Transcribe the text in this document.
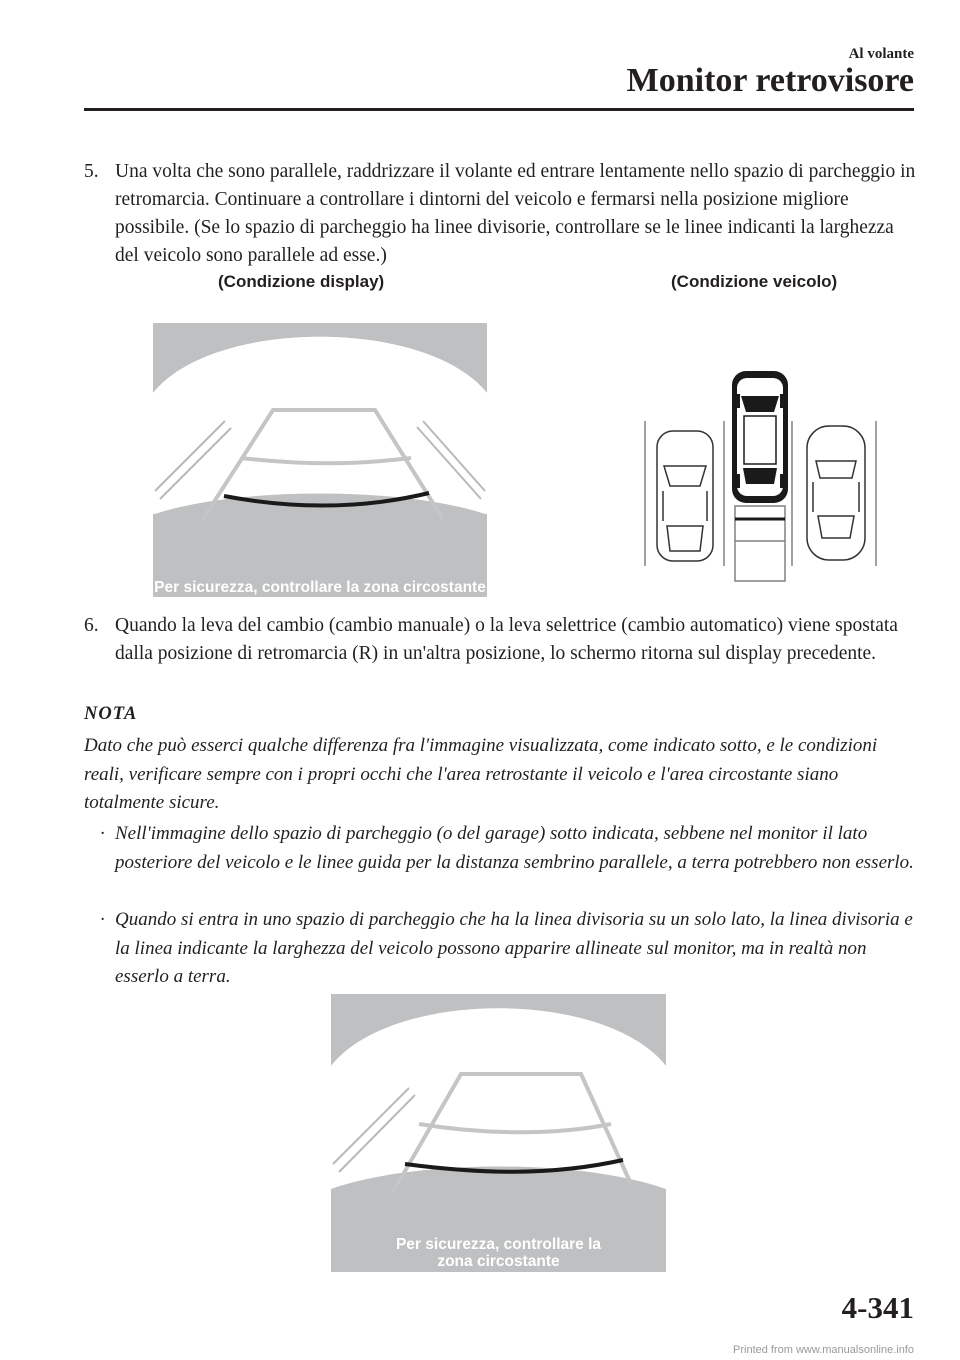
Al volante
Monitor retrovisore
5. Una volta che sono parallele, raddrizzare il volante ed entrare lentamente nello spazio di parcheggio in retromarcia. Continuare a controllare i dintorni del veicolo e fermarsi nella posizione migliore possibile. (Se lo spazio di parcheggio ha linee divisorie, controllare se le linee indicanti la larghezza del veicolo sono parallele ad esse.)
(Condizione display)	(Condizione veicolo)
Per sicurezza, controllare la zona circostante
6. Quando la leva del cambio (cambio manuale) o la leva selettrice (cambio automatico) viene spostata dalla posizione di retromarcia (R) in un'altra posizione, lo schermo ritorna sul display precedente.
NOTA
Dato che può esserci qualche differenza fra l'immagine visualizzata, come indicato sotto, e le condizioni reali, verificare sempre con i propri occhi che l'area retrostante il veicolo e l'area circostante siano totalmente sicure.
· Nell'immagine dello spazio di parcheggio (o del garage) sotto indicata, sebbene nel monitor il lato posteriore del veicolo e le linee guida per la distanza sembrino parallele, a terra potrebbero non esserlo.
· Quando si entra in uno spazio di parcheggio che ha la linea divisoria su un solo lato, la linea divisoria e la linea indicante la larghezza del veicolo possono apparire allineate sul monitor, ma in realtà non esserlo a terra.
Per sicurezza, controllare la
zona circostante
4-341
Printed from www.manualsonline.info
